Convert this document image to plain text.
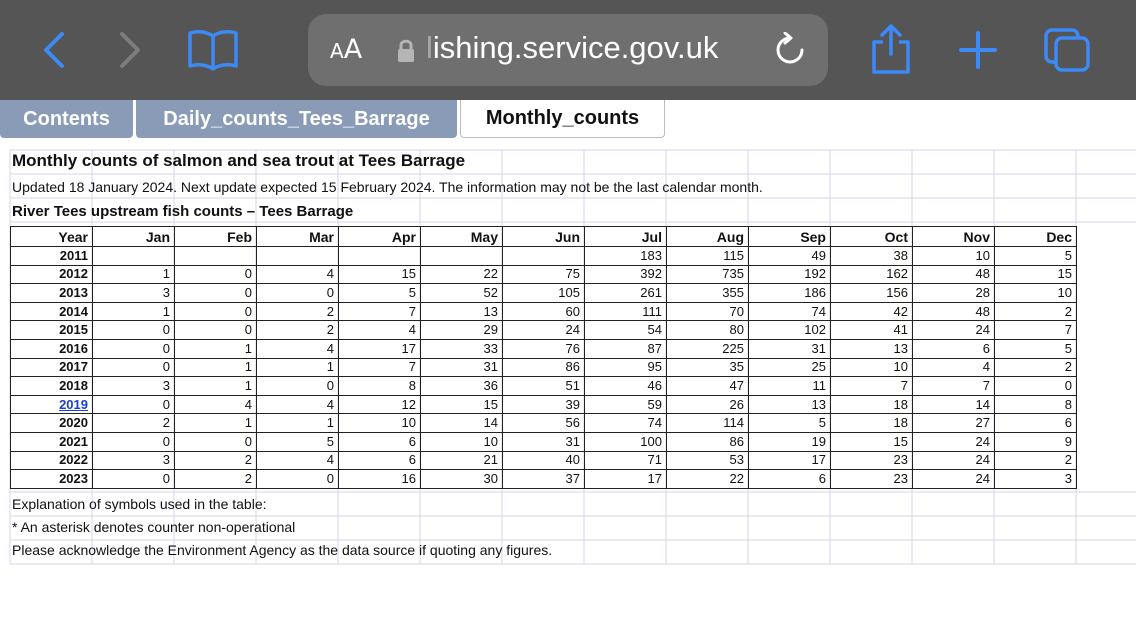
AA lishing.service.gov.uk
Contents	Daily_counts_Tees_Barrage	Monthly_counts
Monthly counts of salmon and sea trout at Tees Barrage
Updated 18 January 2024. Next update expected 15 February 2024. The information may not be the last calendar month.
River Tees upstream fish counts – Tees Barrage
Year	Jan	Feb	Mar	Apr	May	Jun	Jul	Aug	Sep	Oct	Nov	Dec
2011							183	115	49	38	10	5
2012	1	0	4	15	22	75	392	735	192	162	48	15
2013	3	0	0	5	52	105	261	355	186	156	28	10
2014	1	0	2	7	13	60	111	70	74	42	48	2
2015	0	0	2	4	29	24	54	80	102	41	24	7
2016	0	1	4	17	33	76	87	225	31	13	6	5
2017	0	1	1	7	31	86	95	35	25	10	4	2
2018	3	1	0	8	36	51	46	47	11	7	7	0
2019	0	4	4	12	15	39	59	26	13	18	14	8
2020	2	1	1	10	14	56	74	114	5	18	27	6
2021	0	0	5	6	10	31	100	86	19	15	24	9
2022	3	2	4	6	21	40	71	53	17	23	24	2
2023	0	2	0	16	30	37	17	22	6	23	24	3
Explanation of symbols used in the table:
* An asterisk denotes counter non-operational
Please acknowledge the Environment Agency as the data source if quoting any figures.
